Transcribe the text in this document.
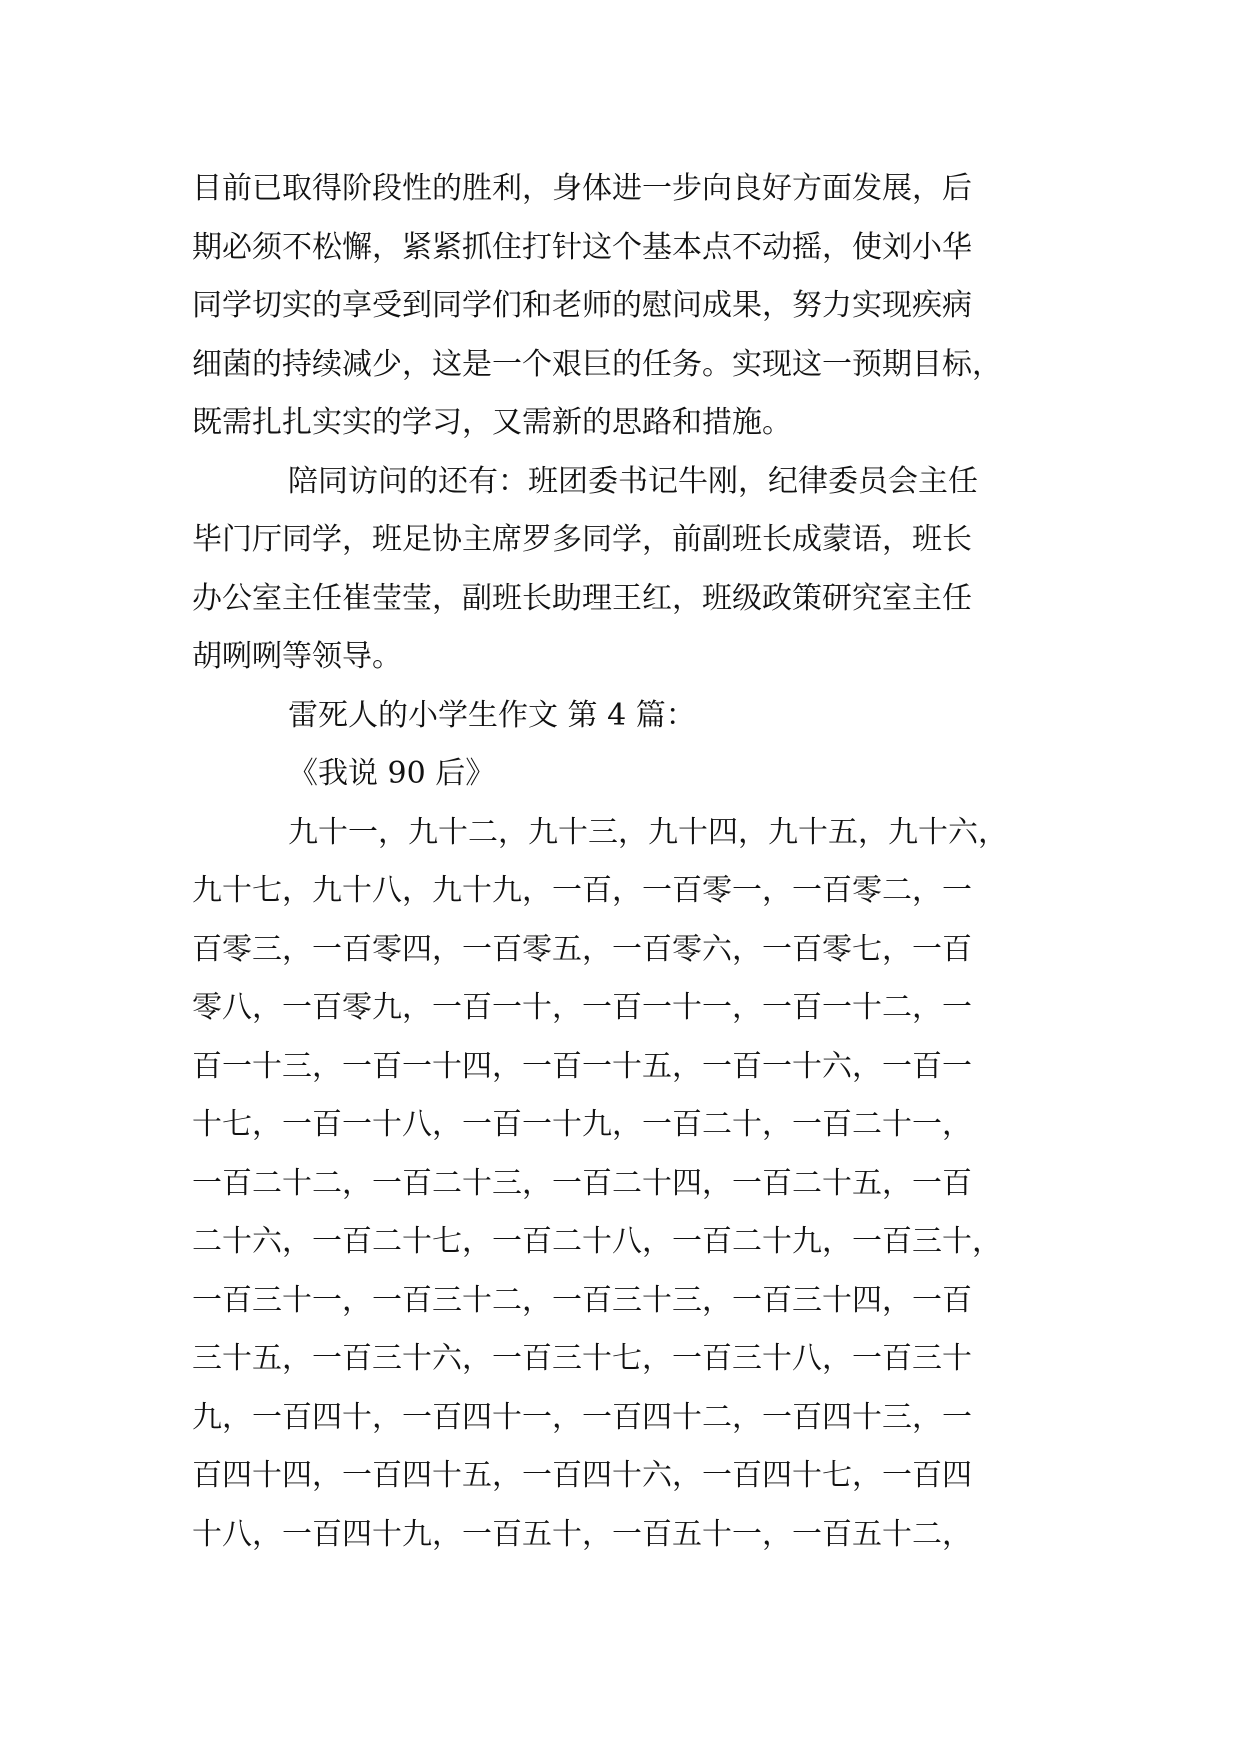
目前已取得阶段性的胜利，身体进一步向良好方面发展，后
期必须不松懈，紧紧抓住打针这个基本点不动摇，使刘小华
同学切实的享受到同学们和老师的慰问成果，努力实现疾病
细菌的持续减少，这是一个艰巨的任务。实现这一预期目标，
既需扎扎实实的学习，又需新的思路和措施。
陪同访问的还有：班团委书记牛刚，纪律委员会主任
毕门厅同学，班足协主席罗多同学，前副班长成蒙语，班长
办公室主任崔莹莹，副班长助理王红，班级政策研究室主任
胡咧咧等领导。
雷死人的小学生作文 第 4 篇：
《我说 90 后》
九十一，九十二，九十三，九十四，九十五，九十六，
九十七，九十八，九十九，一百，一百零一，一百零二，一
百零三，一百零四，一百零五，一百零六，一百零七，一百
零八，一百零九，一百一十，一百一十一，一百一十二，一
百一十三，一百一十四，一百一十五，一百一十六，一百一
十七，一百一十八，一百一十九，一百二十，一百二十一，
一百二十二，一百二十三，一百二十四，一百二十五，一百
二十六，一百二十七，一百二十八，一百二十九，一百三十，
一百三十一，一百三十二，一百三十三，一百三十四，一百
三十五，一百三十六，一百三十七，一百三十八，一百三十
九，一百四十，一百四十一，一百四十二，一百四十三，一
百四十四，一百四十五，一百四十六，一百四十七，一百四
十八，一百四十九，一百五十，一百五十一，一百五十二，
